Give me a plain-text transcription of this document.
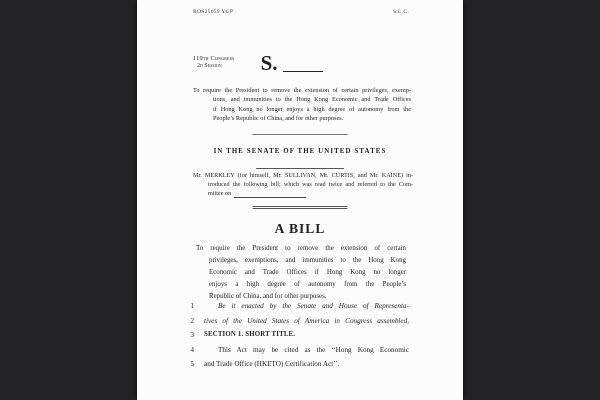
ROS25059 YGP	S.L.C.
119th Congress
2d Session	S.
To require the President to remove the extension of certain privileges, exemp-
tions, and immunities to the Hong Kong Economic and Trade Offices
if Hong Kong no longer enjoys a high degree of autonomy from the
People’s Republic of China, and for other purposes.
IN THE SENATE OF THE UNITED STATES
Mr. MERKLEY (for himself, Mr. SULLIVAN, Mr. CURTIS, and Mr. KAINE) in-
troduced the following bill; which was read twice and referred to the Com-
mittee on
A BILL
To require the President to remove the extension of certain
privileges, exemptions, and immunities to the Hong Kong
Economic and Trade Offices if Hong Kong no longer
enjoys a high degree of autonomy from the People’s
Republic of China, and for other purposes.
1	Be it enacted by the Senate and House of Representa-
2 tives of the United States of America in Congress assembled,
3 SECTION 1. SHORT TITLE.
4	This Act may be cited as the ‘‘Hong Kong Economic
5 and Trade Office (HKETO) Certification Act’’.
